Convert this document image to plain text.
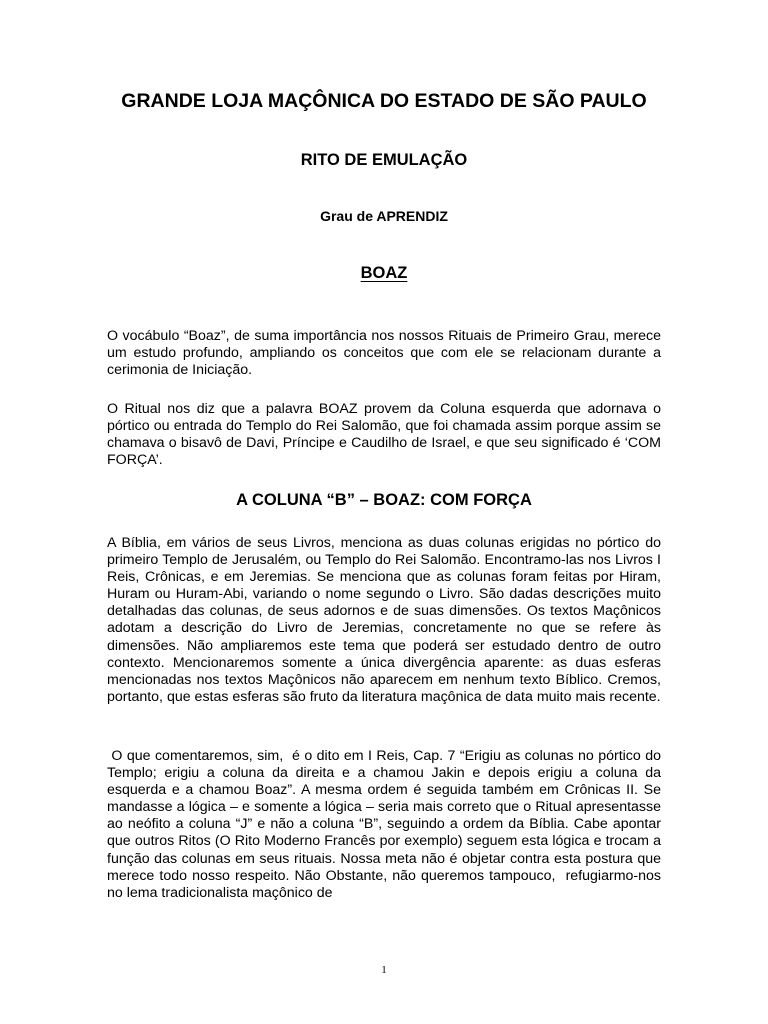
GRANDE LOJA MAÇÔNICA DO ESTADO DE SÃO PAULO
RITO DE EMULAÇÃO
Grau de APRENDIZ
BOAZ

O vocábulo “Boaz”, de suma importância nos nossos Rituais de Primeiro Grau, merece um estudo profundo, ampliando os conceitos que com ele se relacionam durante a cerimonia de Iniciação.

O Ritual nos diz que a palavra BOAZ provem da Coluna esquerda que adornava o pórtico ou entrada do Templo do Rei Salomão, que foi chamada assim porque assim se chamava o bisavô de Davi, Príncipe e Caudilho de Israel, e que seu significado é ‘COM FORÇA’.

A COLUNA “B” – BOAZ: COM FORÇA

A Bíblia, em vários de seus Livros, menciona as duas colunas erigidas no pórtico do primeiro Templo de Jerusalém, ou Templo do Rei Salomão. Encontramo-las nos Livros I Reis, Crônicas, e em Jeremias. Se menciona que as colunas foram feitas por Hiram, Huram ou Huram-Abi, variando o nome segundo o Livro. São dadas descrições muito detalhadas das colunas, de seus adornos e de suas dimensões. Os textos Maçônicos adotam a descrição do Livro de Jeremias, concretamente no que se refere às dimensões. Não ampliaremos este tema que poderá ser estudado dentro de outro contexto. Mencionaremos somente a única divergência aparente: as duas esferas mencionadas nos textos Maçônicos não aparecem em nenhum texto Bíblico. Cremos, portanto, que estas esferas são fruto da literatura maçônica de data muito mais recente.

O que comentaremos, sim,  é o dito em I Reis, Cap. 7 “Erigiu as colunas no pórtico do Templo; erigiu a coluna da direita e a chamou Jakin e depois erigiu a coluna da esquerda e a chamou Boaz”. A mesma ordem é seguida também em Crônicas II. Se mandasse a lógica – e somente a lógica – seria mais correto que o Ritual apresentasse ao neófito a coluna “J” e não a coluna “B”, seguindo a ordem da Bíblia. Cabe apontar que outros Ritos (O Rito Moderno Francês por exemplo) seguem esta lógica e trocam a função das colunas em seus rituais. Nossa meta não é objetar contra esta postura que merece todo nosso respeito. Não Obstante, não queremos tampouco,  refugiarmo-nos no lema tradicionalista maçônico de

1
